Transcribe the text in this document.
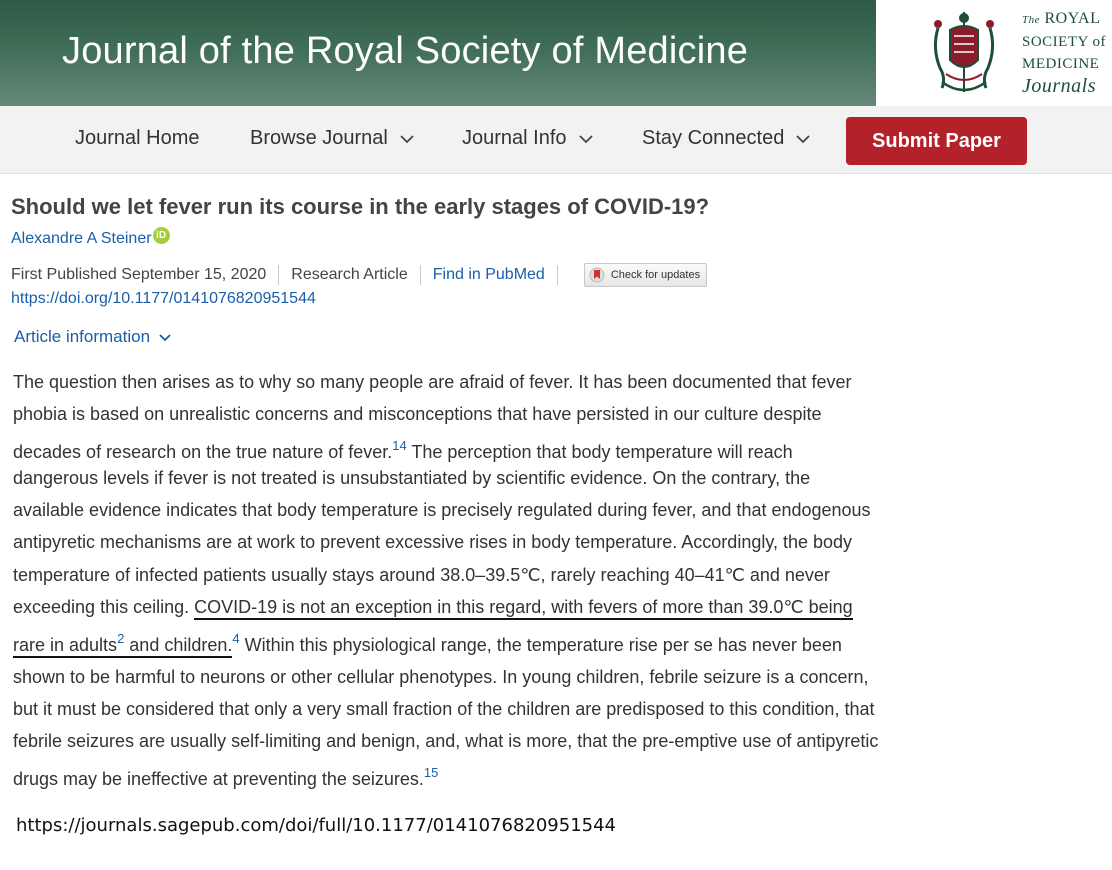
Journal of the Royal Society of Medicine
The ROYAL
SOCIETY of
MEDICINE
Journals
Journal Home	Browse Journal	Journal Info	Stay Connected	Submit Paper
Should we let fever run its course in the early stages of COVID-19?
Alexandre A Steiner iD
First Published September 15, 2020 Research Article Find in PubMed	Check for updates
https://doi.org/10.1177/0141076820951544
Article information
The question then arises as to why so many people are afraid of fever. It has been documented that fever
phobia is based on unrealistic concerns and misconceptions that have persisted in our culture despite
decades of research on the true nature of fever.$^{14}$ The perception that body temperature will reach
dangerous levels if fever is not treated is unsubstantiated by scientific evidence. On the contrary, the
available evidence indicates that body temperature is precisely regulated during fever, and that endogenous
antipyretic mechanisms are at work to prevent excessive rises in body temperature. Accordingly, the body
temperature of infected patients usually stays around 38.0–39.5℃, rarely reaching 40–41℃ and never
exceeding this ceiling. COVID-19 is not an exception in this regard, with fevers of more than 39.0℃ being
rare in adults$^2$ and children.$^4$ Within this physiological range, the temperature rise per se has never been
shown to be harmful to neurons or other cellular phenotypes. In young children, febrile seizure is a concern,
but it must be considered that only a very small fraction of the children are predisposed to this condition, that
febrile seizures are usually self-limiting and benign, and, what is more, that the pre-emptive use of antipyretic
drugs may be ineffective at preventing the seizures.$^{15}$
https://journals.sagepub.com/doi/full/10.1177/0141076820951544
